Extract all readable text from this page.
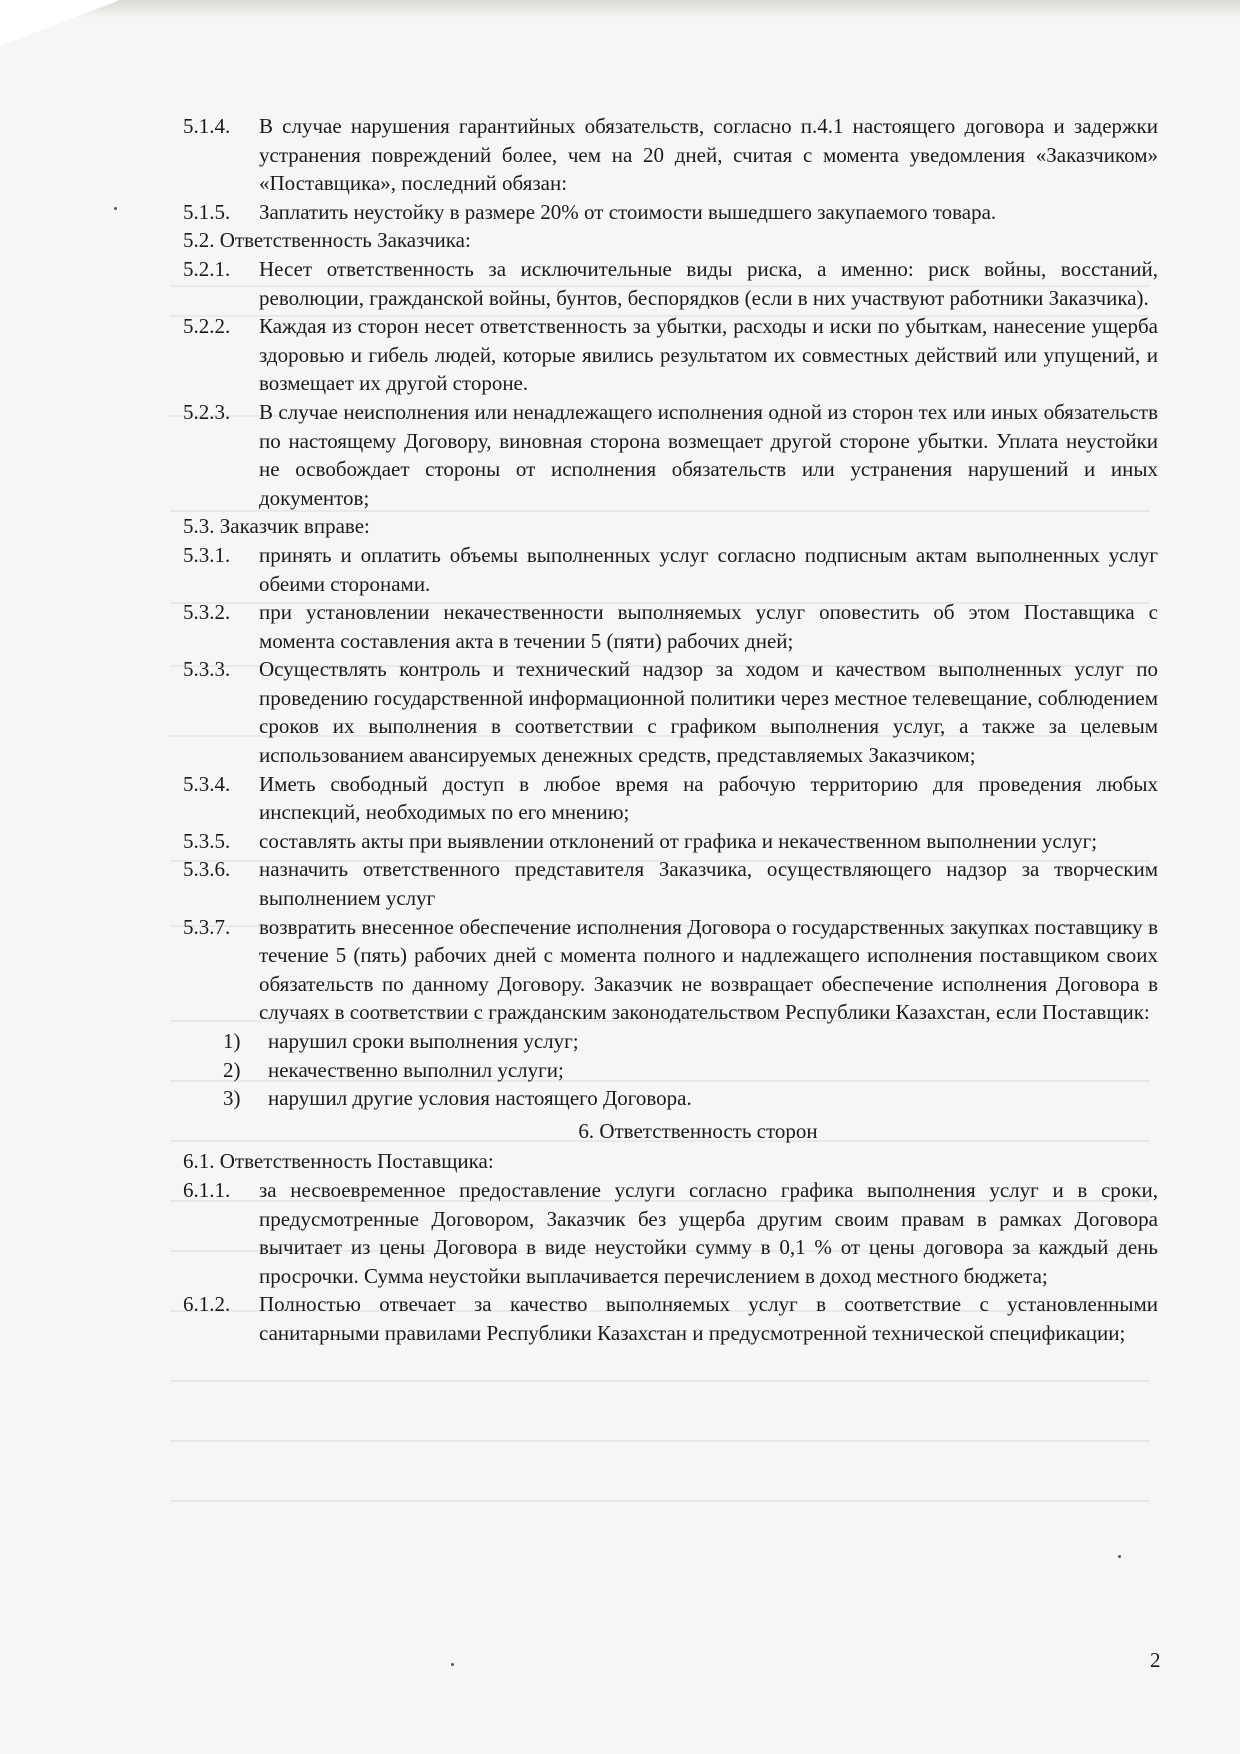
5.1.4.	В случае нарушения гарантийных обязательств, согласно п.4.1 настоящего договора и задержки устранения повреждений более, чем на 20 дней, считая с момента уведомления «Заказчиком» «Поставщика», последний обязан:
5.1.5.	Заплатить неустойку в размере 20% от стоимости вышедшего закупаемого товара.
5.2. Ответственность Заказчика:
5.2.1.	Несет ответственность за исключительные виды риска, а именно: риск войны, восстаний, революции, гражданской войны, бунтов, беспорядков (если в них участвуют работники Заказчика).
5.2.2.	Каждая из сторон несет ответственность за убытки, расходы и иски по убыткам, нанесение ущерба здоровью и гибель людей, которые явились результатом их совместных действий или упущений, и возмещает их другой стороне.
5.2.3.	В случае неисполнения или ненадлежащего исполнения одной из сторон тех или иных обязательств по настоящему Договору, виновная сторона возмещает другой стороне убытки. Уплата неустойки не освобождает стороны от исполнения обязательств или устранения нарушений и иных документов;
5.3. Заказчик вправе:
5.3.1.	принять и оплатить объемы выполненных услуг согласно подписным актам выполненных услуг обеими сторонами.
5.3.2.	при установлении некачественности выполняемых услуг оповестить об этом Поставщика с момента составления акта в течении 5 (пяти) рабочих дней;
5.3.3.	Осуществлять контроль и технический надзор за ходом и качеством выполненных услуг по проведению государственной информационной политики через местное телевещание, соблюдением сроков их выполнения в соответствии с графиком выполнения услуг, а также за целевым использованием авансируемых денежных средств, представляемых Заказчиком;
5.3.4.	Иметь свободный доступ в любое время на рабочую территорию для проведения любых инспекций, необходимых по его мнению;
5.3.5.	составлять акты при выявлении отклонений от графика и некачественном выполнении услуг;
5.3.6.	назначить ответственного представителя Заказчика, осуществляющего надзор за творческим выполнением услуг
5.3.7.	возвратить внесенное обеспечение исполнения Договора о государственных закупках поставщику в течение 5 (пять) рабочих дней с момента полного и надлежащего исполнения поставщиком своих обязательств по данному Договору. Заказчик не возвращает обеспечение исполнения Договора в случаях в соответствии с гражданским законодательством Республики Казахстан, если Поставщик:
1)	нарушил сроки выполнения услуг;
2)	некачественно выполнил услуги;
3)	нарушил другие условия настоящего Договора.
6. Ответственность сторон
6.1. Ответственность Поставщика:
6.1.1.	за несвоевременное предоставление услуги согласно графика выполнения услуг и в сроки, предусмотренные Договором, Заказчик без ущерба другим своим правам в рамках Договора вычитает из цены Договора в виде неустойки сумму в 0,1 % от цены договора за каждый день просрочки. Сумма неустойки выплачивается перечислением в доход местного бюджета;
6.1.2.	Полностью отвечает за качество выполняемых услуг в соответствие с установленными санитарными правилами Республики Казахстан и предусмотренной технической спецификации;
2
